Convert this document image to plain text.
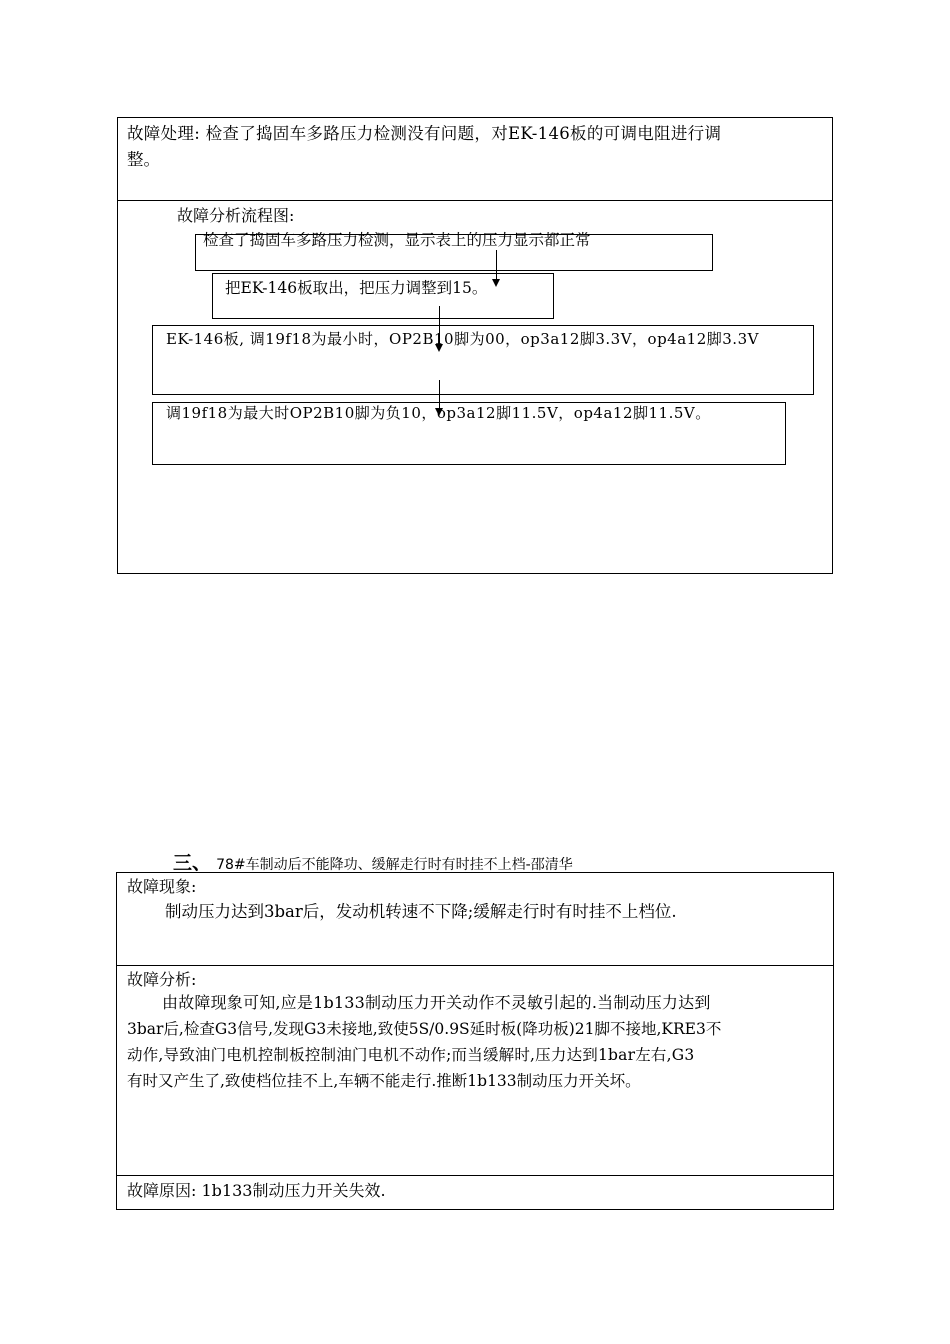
故障处理: 检查了捣固车多路压力检测没有问题，对EK-146板的可调电阻进行调
整。
故障分析流程图:
检查了捣固车多路压力检测，显示表上的压力显示都正常
把EK-146板取出，把压力调整到15。
EK-146板, 调19f18为最小时，OP2B10脚为00，op3a12脚3.3V，op4a12脚3.3V
调19f18为最大时OP2B10脚为负10，op3a12脚11.5V，op4a12脚11.5V。
三、 78#车制动后不能降功、缓解走行时有时挂不上档-邵清华
故障现象:
制动压力达到3bar后，发动机转速不下降;缓解走行时有时挂不上档位.
故障分析:
由故障现象可知,应是1b133制动压力开关动作不灵敏引起的.当制动压力达到
3bar后,检查G3信号,发现G3未接地,致使5S/0.9S延时板(降功板)21脚不接地,KRE3不
动作,导致油门电机控制板控制油门电机不动作;而当缓解时,压力达到1bar左右,G3
有时又产生了,致使档位挂不上,车辆不能走行.推断1b133制动压力开关坏。
故障原因: 1b133制动压力开关失效.
